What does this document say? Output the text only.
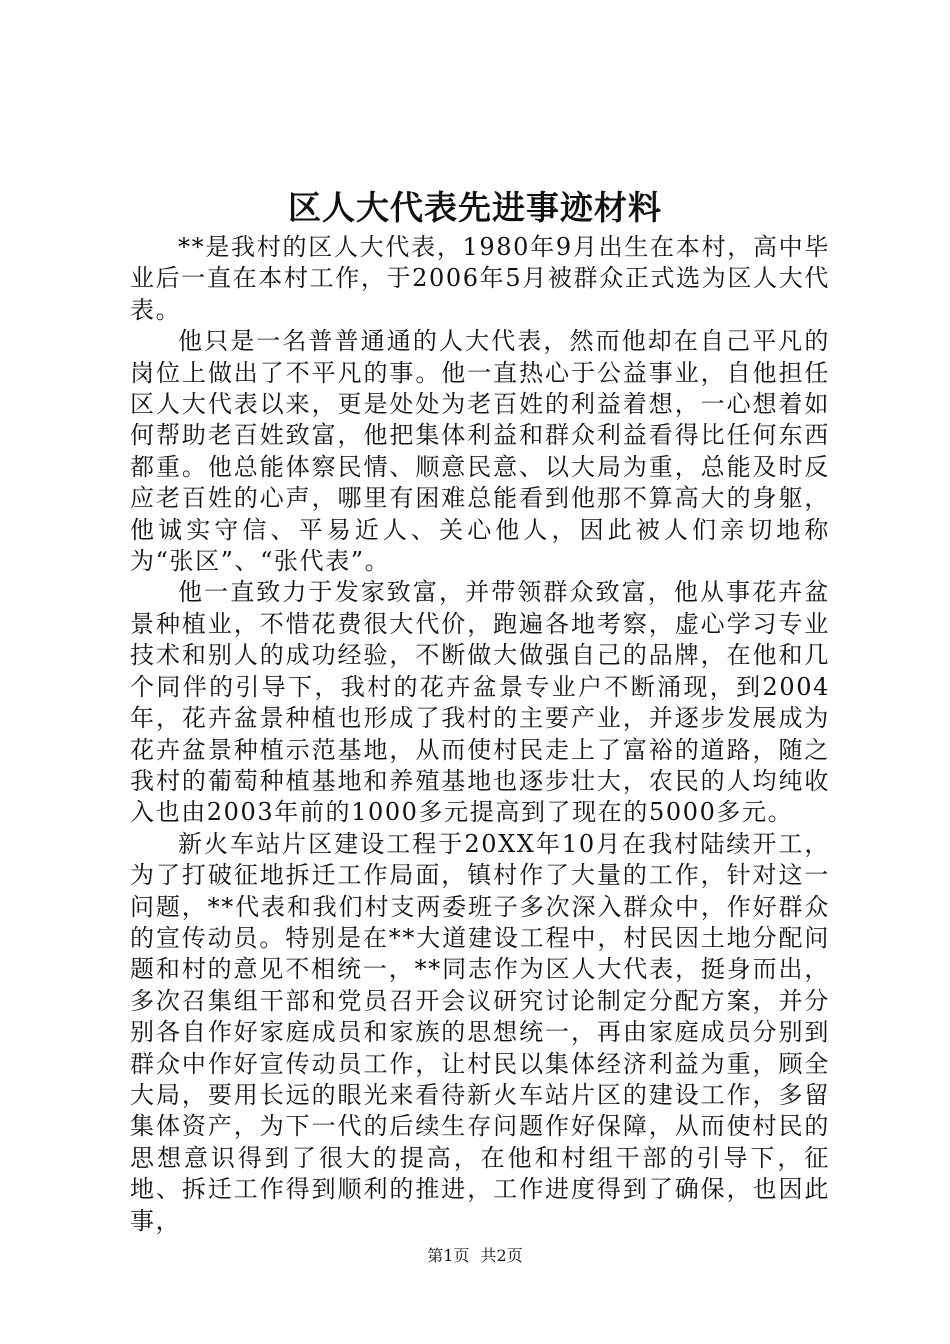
区人大代表先进事迹材料

**是我村的区人大代表，1980年9月出生在本村，高中毕业后一直在本村工作，于2006年5月被群众正式选为区人大代表。

他只是一名普普通通的人大代表，然而他却在自己平凡的岗位上做出了不平凡的事。他一直热心于公益事业，自他担任区人大代表以来，更是处处为老百姓的利益着想，一心想着如何帮助老百姓致富，他把集体利益和群众利益看得比任何东西都重。他总能体察民情、顺意民意、以大局为重，总能及时反应老百姓的心声，哪里有困难总能看到他那不算高大的身躯，他诚实守信、平易近人、关心他人，因此被人们亲切地称为“张区”、“张代表”。

他一直致力于发家致富，并带领群众致富，他从事花卉盆景种植业，不惜花费很大代价，跑遍各地考察，虚心学习专业技术和别人的成功经验，不断做大做强自己的品牌，在他和几个同伴的引导下，我村的花卉盆景专业户不断涌现，到2004年，花卉盆景种植也形成了我村的主要产业，并逐步发展成为花卉盆景种植示范基地，从而使村民走上了富裕的道路，随之我村的葡萄种植基地和养殖基地也逐步壮大，农民的人均纯收入也由2003年前的1000多元提高到了现在的5000多元。

新火车站片区建设工程于20XX年10月在我村陆续开工，为了打破征地拆迁工作局面，镇村作了大量的工作，针对这一问题，**代表和我们村支两委班子多次深入群众中，作好群众的宣传动员。特别是在**大道建设工程中，村民因土地分配问题和村的意见不相统一，**同志作为区人大代表，挺身而出，多次召集组干部和党员召开会议研究讨论制定分配方案，并分别各自作好家庭成员和家族的思想统一，再由家庭成员分别到群众中作好宣传动员工作，让村民以集体经济利益为重，顾全大局，要用长远的眼光来看待新火车站片区的建设工作，多留集体资产，为下一代的后续生存问题作好保障，从而使村民的思想意识得到了很大的提高，在他和村组干部的引导下，征地、拆迁工作得到顺利的推进，工作进度得到了确保，也因此事，

第1页 共2页
